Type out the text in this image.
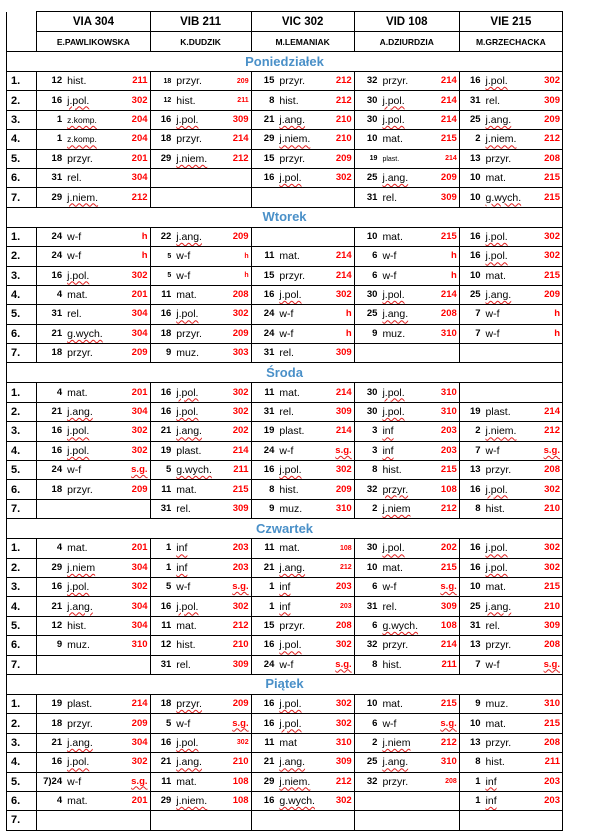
	VIA 304			VIB 211			VIC 302			VID 108			VIE 215		
	E.PAWLIKOWSKA			K.DUDZIK			M.LEMANIAK			A.DZIURDZIA			M.GRZECHACKA		
Poniedziałek															
1.	12	hist.	211	18	przyr.	209	15	przyr.	212	32	przyr.	214	16	j.pol.	302
2.	16	j.pol.	302	12	hist.	211	8	hist.	212	30	j.pol.	214	31	rel.	309
3.	1	z.komp.	204	16	j.pol.	309	21	j.ang.	210	30	j.pol.	214	25	j.ang.	209
4.	1	z.komp.	204	18	przyr.	214	29	j.niem.	210	10	mat.	215	2	j.niem.	212
5.	18	przyr.	201	29	j.niem.	212	15	przyr.	209	19	plast.	214	13	przyr.	208
6.	31	rel.	304				16	j.pol.	302	25	j.ang.	209	10	mat.	215
7.	29	j.niem.	212							31	rel.	309	10	g.wych.	215
Wtorek															
1.	24	w-f	h	22	j.ang.	209				10	mat.	215	16	j.pol.	302
2.	24	w-f	h	5	w-f	h	11	mat.	214	6	w-f	h	16	j.pol.	302
3.	16	j.pol.	302	5	w-f	h	15	przyr.	214	6	w-f	h	10	mat.	215
4.	4	mat.	201	11	mat.	208	16	j.pol.	302	30	j.pol.	214	25	j.ang.	209
5.	31	rel.	304	16	j.pol.	302	24	w-f	h	25	j.ang.	208	7	w-f	h
6.	21	g.wych.	304	18	przyr.	209	24	w-f	h	9	muz.	310	7	w-f	h
7.	18	przyr.	209	9	muz.	303	31	rel.	309						
Środa															
1.	4	mat.	201	16	j.pol.	302	11	mat.	214	30	j.pol.	310			
2.	21	j.ang.	304	16	j.pol.	302	31	rel.	309	30	j.pol.	310	19	plast.	214
3.	16	j.pol.	302	21	j.ang.	202	19	plast.	214	3	inf	203	2	j.niem.	212
4.	16	j.pol.	302	19	plast.	214	24	w-f	s.g.	3	inf	203	7	w-f	s.g.
5.	24	w-f	s.g.	5	g.wych.	211	16	j.pol.	302	8	hist.	215	13	przyr.	208
6.	18	przyr.	209	11	mat.	215	8	hist.	209	32	przyr.	108	16	j.pol.	302
7.				31	rel.	309	9	muz.	310	2	j.niem	212	8	hist.	210
Czwartek															
1.	4	mat.	201	1	inf	203	11	mat.	108	30	j.pol.	202	16	j.pol.	302
2.	29	j.niem	304	1	inf	203	21	j.ang.	212	10	mat.	215	16	j.pol.	302
3.	16	j.pol.	302	5	w-f	s.g.	1	inf	203	6	w-f	s.g.	10	mat.	215
4.	21	j.ang.	304	16	j.pol.	302	1	inf	203	31	rel.	309	25	j.ang.	210
5.	12	hist.	304	11	mat.	212	15	przyr.	208	6	g.wych.	108	31	rel.	309
6.	9	muz.	310	12	hist.	210	16	j.pol.	302	32	przyr.	214	13	przyr.	208
7.				31	rel.	309	24	w-f	s.g.	8	hist.	211	7	w-f	s.g.
Piątek															
1.	19	plast.	214	18	przyr.	209	16	j.pol.	302	10	mat.	215	9	muz.	310
2.	18	przyr.	209	5	w-f	s.g.	16	j.pol.	302	6	w-f	s.g.	10	mat.	215
3.	21	j.ang.	304	16	j.pol.	302	11	mat	310	2	j.niem	212	13	przyr.	208
4.	16	j.pol.	302	21	j.ang.	210	21	j.ang.	309	25	j.ang.	310	8	hist.	211
5.	7)24	w-f	s.g.	11	mat.	108	29	j.niem.	212	32	przyr.	208	1	inf	203
6.	4	mat.	201	29	j.niem.	108	16	g.wych.	302				1	inf	203
7.															
